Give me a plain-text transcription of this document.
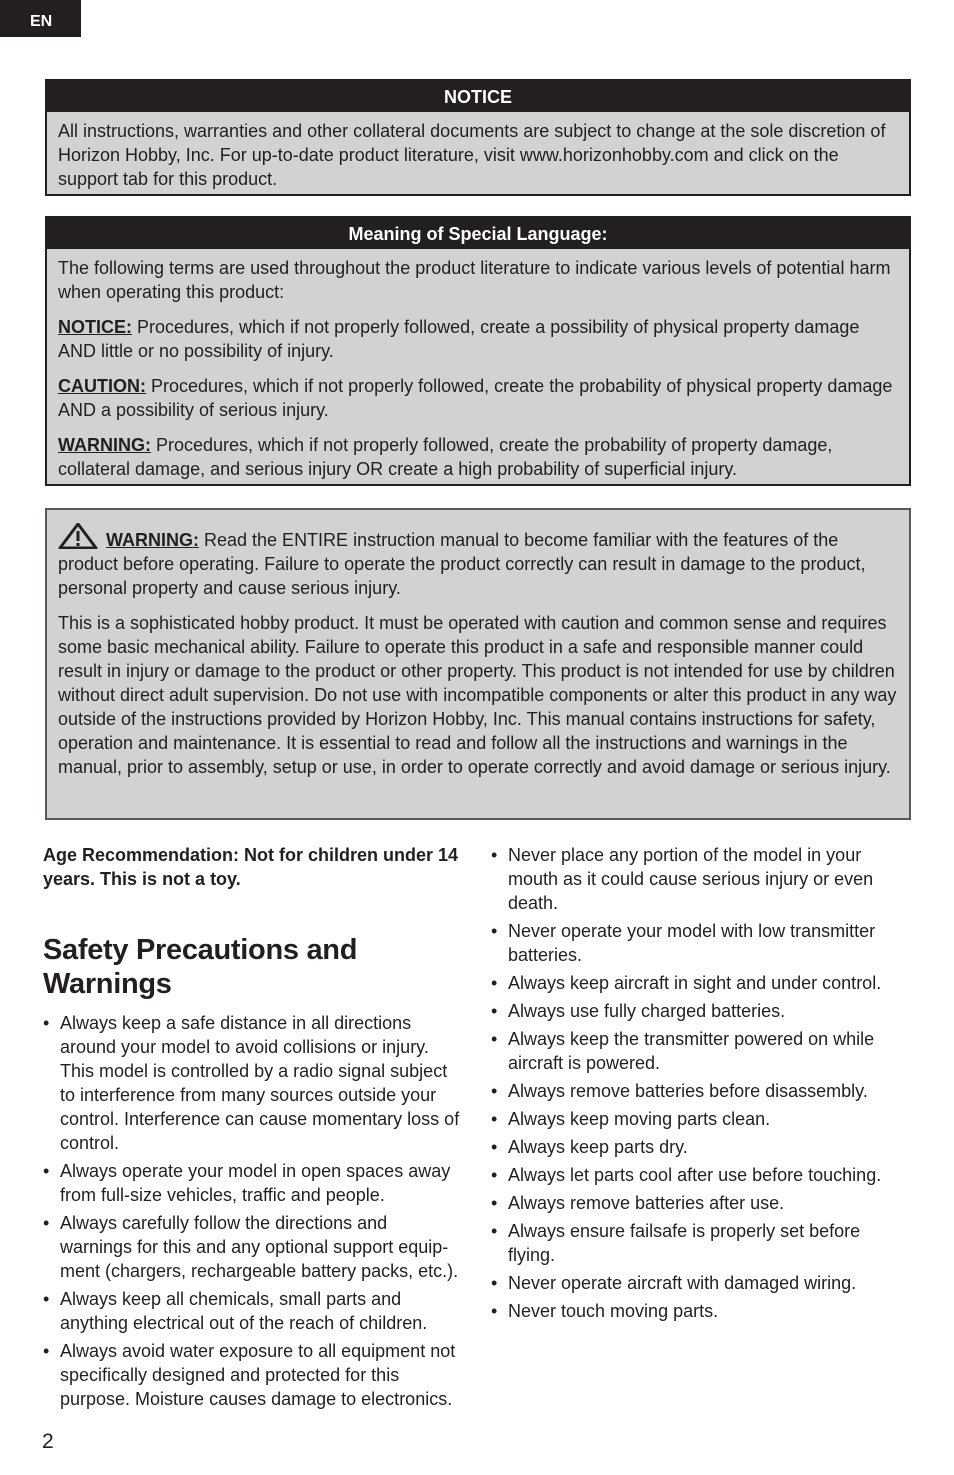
EN
NOTICE

All instructions, warranties and other collateral documents are subject to change at the sole discretion of Horizon Hobby, Inc. For up-to-date product literature, visit www.horizonhobby.com and click on the support tab for this product.

Meaning of Special Language:

The following terms are used throughout the product literature to indicate various levels of potential harm when operating this product:

NOTICE: Procedures, which if not properly followed, create a possibility of physical property damage AND little or no possibility of injury.

CAUTION: Procedures, which if not properly followed, create the probability of physical property damage AND a possibility of serious injury.

WARNING: Procedures, which if not properly followed, create the probability of property damage, collateral damage, and serious injury OR create a high probability of superficial injury.

WARNING: Read the ENTIRE instruction manual to become familiar with the features of the product before operating. Failure to operate the product correctly can result in damage to the product, personal property and cause serious injury.

This is a sophisticated hobby product. It must be operated with caution and common sense and requires some basic mechanical ability. Failure to operate this product in a safe and responsible manner could result in injury or damage to the product or other property. This product is not intended for use by children without direct adult supervision. Do not use with incompatible components or alter this product in any way outside of the instructions provided by Horizon Hobby, Inc. This manual contains instructions for safety, operation and maintenance. It is essential to read and follow all the instructions and warnings in the manual, prior to assembly, setup or use, in order to operate correctly and avoid damage or serious injury.

Age Recommendation: Not for children under 14 years. This is not a toy.

Safety Precautions and Warnings
• Always keep a safe distance in all directions around your model to avoid collisions or injury. This model is controlled by a radio signal subject to interference from many sources outside your control. Interference can cause momentary loss of control.
• Always operate your model in open spaces away from full-size vehicles, traffic and people.
• Always carefully follow the directions and warnings for this and any optional support equip-ment (chargers, rechargeable battery packs, etc.).
• Always keep all chemicals, small parts and anything electrical out of the reach of children.
• Always avoid water exposure to all equipment not specifically designed and protected for this purpose. Moisture causes damage to electronics.
• Never place any portion of the model in your mouth as it could cause serious injury or even death.
• Never operate your model with low transmitter batteries.
• Always keep aircraft in sight and under control.
• Always use fully charged batteries.
• Always keep the transmitter powered on while aircraft is powered.
• Always remove batteries before disassembly.
• Always keep moving parts clean.
• Always keep parts dry.
• Always let parts cool after use before touching.
• Always remove batteries after use.
• Always ensure failsafe is properly set before flying.
• Never operate aircraft with damaged wiring.
• Never touch moving parts.
2
